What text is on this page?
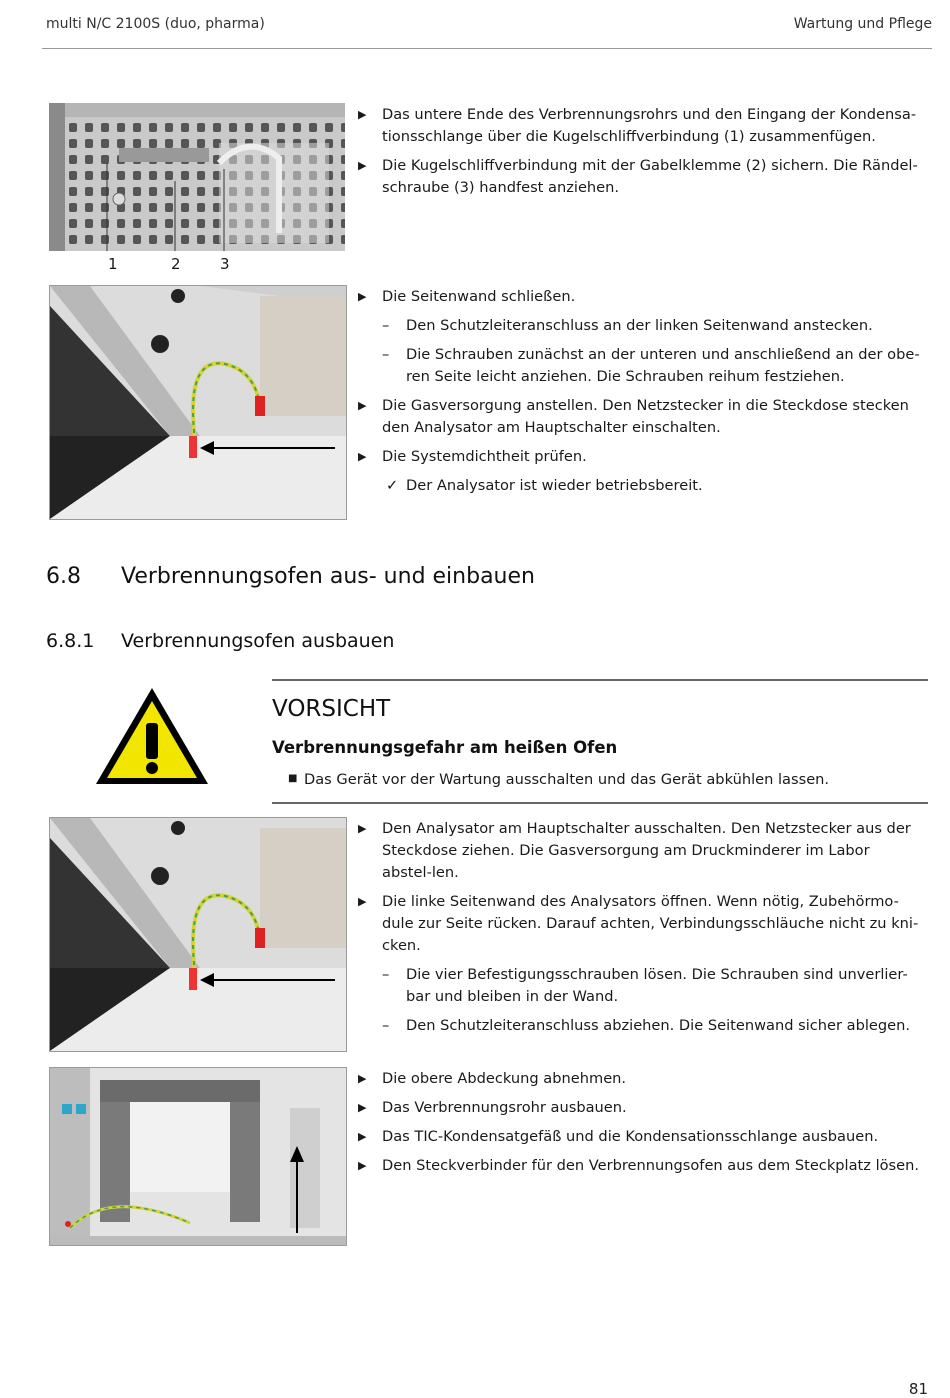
multi N/C 2100S (duo, pharma)	Wartung und Pflege
1	2	3
▶	Das untere Ende des Verbrennungsrohrs und den Eingang der Kondensa-tionsschlange über die Kugelschliffverbindung (1) zusammenfügen.
▶	Die Kugelschliffverbindung mit der Gabelklemme (2) sichern. Die Rändel-schraube (3) handfest anziehen.
▶	Die Seitenwand schließen.
– Den Schutzleiteranschluss an der linken Seitenwand anstecken.
– Die Schrauben zunächst an der unteren und anschließend an der obe-ren Seite leicht anziehen. Die Schrauben reihum festziehen.
▶	Die Gasversorgung anstellen. Den Netzstecker in die Steckdose stecken den Analysator am Hauptschalter einschalten.
▶	Die Systemdichtheit prüfen.
✓ Der Analysator ist wieder betriebsbereit.
6.8 Verbrennungsofen aus- und einbauen
6.8.1 Verbrennungsofen ausbauen
VORSICHT
Verbrennungsgefahr am heißen Ofen
■ Das Gerät vor der Wartung ausschalten und das Gerät abkühlen lassen.
▶	Den Analysator am Hauptschalter ausschalten. Den Netzstecker aus der Steckdose ziehen. Die Gasversorgung am Druckminderer im Labor abstel-len.
▶	Die linke Seitenwand des Analysators öffnen. Wenn nötig, Zubehörmo-dule zur Seite rücken. Darauf achten, Verbindungsschläuche nicht zu kni-cken.
– Die vier Befestigungsschrauben lösen. Die Schrauben sind unverlier-bar und bleiben in der Wand.
– Den Schutzleiteranschluss abziehen. Die Seitenwand sicher ablegen.
▶	Die obere Abdeckung abnehmen.
▶	Das Verbrennungsrohr ausbauen.
▶	Das TIC-Kondensatgefäß und die Kondensationsschlange ausbauen.
▶	Den Steckverbinder für den Verbrennungsofen aus dem Steckplatz lösen.
81
